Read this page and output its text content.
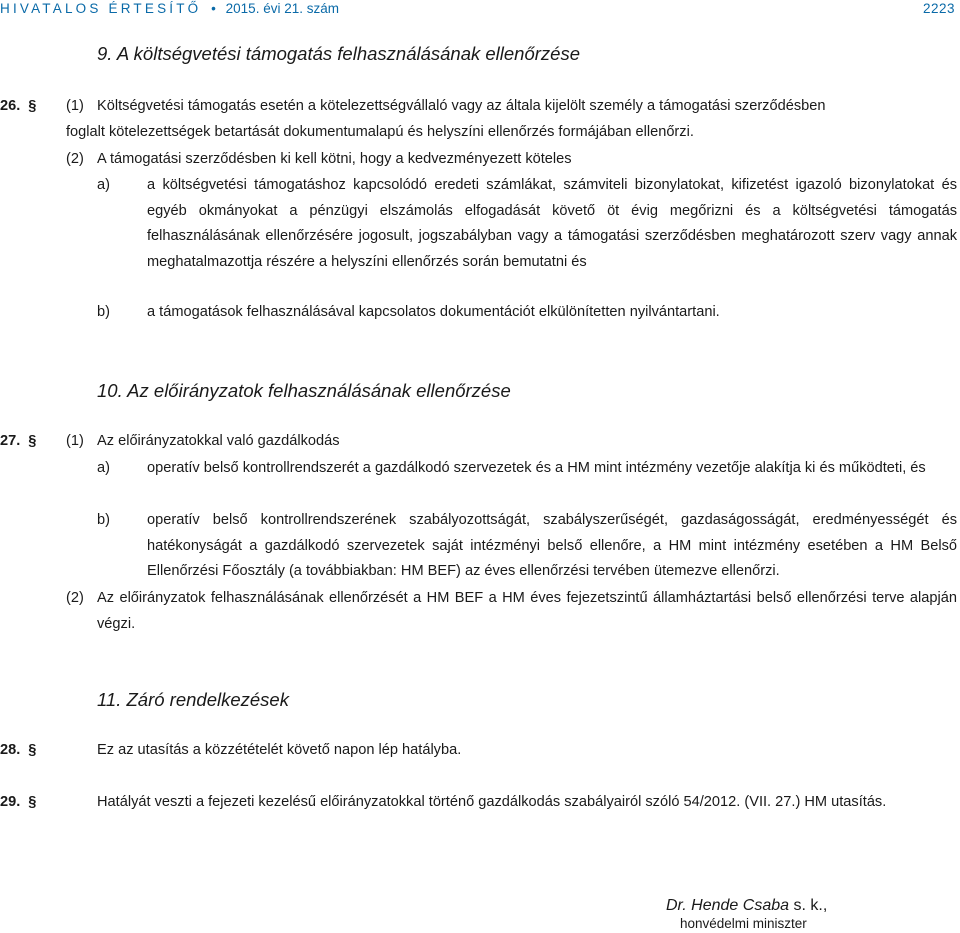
HIVATALOS ÉRTESÍTŐ • 2015. évi 21. szám	2223
9. A költségvetési támogatás felhasználásának ellenőrzése
26. § (1) Költségvetési támogatás esetén a kötelezettségvállaló vagy az általa kijelölt személy a támogatási szerződésben
foglalt kötelezettségek betartását dokumentumalapú és helyszíni ellenőrzés formájában ellenőrzi.
(2) A támogatási szerződésben ki kell kötni, hogy a kedvezményezett köteles
a)	a költségvetési támogatáshoz kapcsolódó eredeti számlákat, számviteli bizonylatokat, kifizetést igazoló bizonylatokat és egyéb okmányokat a pénzügyi elszámolás elfogadását követő öt évig megőrizni és a költségvetési támogatás felhasználásának ellenőrzésére jogosult, jogszabályban vagy a támogatási szerződésben meghatározott szerv vagy annak meghatalmazottja részére a helyszíni ellenőrzés során bemutatni és
b)	a támogatások felhasználásával kapcsolatos dokumentációt elkülönítetten nyilvántartani.
10. Az előirányzatok felhasználásának ellenőrzése
27. § (1) Az előirányzatokkal való gazdálkodás
a)	operatív belső kontrollrendszerét a gazdálkodó szervezetek és a HM mint intézmény vezetője alakítja ki és működteti, és
b)	operatív belső kontrollrendszerének szabályozottságát, szabályszerűségét, gazdaságosságát, eredményességét és hatékonyságát a gazdálkodó szervezetek saját intézményi belső ellenőre, a HM mint intézmény esetében a HM Belső Ellenőrzési Főosztály (a továbbiakban: HM BEF) az éves ellenőrzési tervében ütemezve ellenőrzi.
(2) Az előirányzatok felhasználásának ellenőrzését a HM BEF a HM éves fejezetszintű államháztartási belső ellenőrzési terve alapján végzi.
11. Záró rendelkezések
28. §	Ez az utasítás a közzétételét követő napon lép hatályba.
29. §	Hatályát veszti a fejezeti kezelésű előirányzatokkal történő gazdálkodás szabályairól szóló 54/2012. (VII. 27.) HM utasítás.
Dr. Hende Csaba s. k.,
honvédelmi miniszter
